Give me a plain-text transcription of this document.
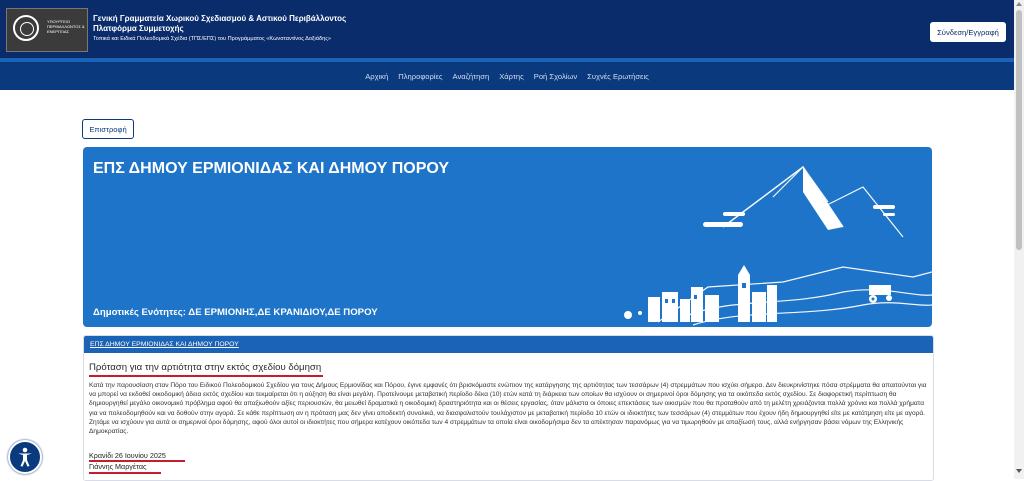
ΥΠΟΥΡΓΕΙΟ ΠΕΡΙΒΑΛΛΟΝΤΟΣ & ΕΝΕΡΓΕΙΑΣ
Γενική Γραμματεία Χωρικού Σχεδιασμού & Αστικού Περιβάλλοντος
Πλατφόρμα Συμμετοχής
Τοπικά και Ειδικά Πολεοδομικά Σχέδια (ΤΠΣ/ΕΠΣ) του Προγράμματος «Κωνσταντίνος Δοξιάδης»
Σύνδεση/Εγγραφή
Αρχική Πληροφορίες Αναζήτηση Χάρτης Ροή Σχολίων Συχνές Ερωτήσεις
Επιστροφή
ΕΠΣ ΔΗΜΟΥ ΕΡΜΙΟΝΙΔΑΣ ΚΑΙ ΔΗΜΟΥ ΠΟΡΟΥ
Δημοτικές Ενότητες: ΔΕ ΕΡΜΙΟΝΗΣ,ΔΕ ΚΡΑΝΙΔΙΟΥ,ΔΕ ΠΟΡΟΥ
ΕΠΣ ΔΗΜΟΥ ΕΡΜΙΟΝΙΔΑΣ ΚΑΙ ΔΗΜΟΥ ΠΟΡΟΥ
Πρόταση για την αρτιότητα στην εκτός σχεδίου δόμηση
Κατά την παρουσίαση σταν Πόρο του Ειδικού Πολεοδομικού Σχεδίου για τους Δήμους Ερμιονίδας και Πόρου, έγινε εμφανές ότι βρισκόμαστε ενώπιον της κατάργησης της αρτιότητας των τεσσάρων (4) στρεμμάτων που ισχύει σήμερα. Δεν διευκρινίστηκε πόσα στρέμματα θα απαιτούνται για να μπορεί να εκδοθεί οικοδομική άδεια εκτός σχεδίου και τεκμαίρεται ότι η αύξηση θα είναι μεγάλη. Προτείνουμε μεταβατική περίοδο δέκα (10) ετών κατά τη διάρκεια των οποίων θα ισχύουν οι σημερινοί όροι δόμησης για τα οικόπεδα εκτός σχεδίου. Σε διαφορετική περίπτωση θα δημιουργηθεί μεγάλο οικονομικό πρόβλημα αφού θα απαξιωθούν αξίες περιουσιών, θα μειωθεί δραματικά η οικοδομική δραστηριότητα και οι θέσεις εργασίας, όταν μάλιστα οι όποιες επεκτάσεις των οικισμών που θα προταθούν από τη μελέτη χρειάζονται πολλά χρόνια και πολλά χρήματα για να πολεοδομηθούν και να δοθούν στην αγορά. Σε κάθε περίπτωση αν η πρόταση μας δεν γίνει αποδεκτή συνολικά, να διασφαλιστούν τουλάχιστον με μεταβατική περίοδο 10 ετών οι ιδιοκτήτες των τεσσάρων (4) στεμμάτων που έχουν ήδη δημιουργηθεί είτε με κατάτμηση είτε με αγορά. Ζητάμε να ισχύουν για αυτά οι σημερινοί όροι δόμησης, αφού όλοι αυτοί οι ιδιοκτήτες που σήμερα κατέχουν οικόπεδα των 4 στρεμμάτων τα οποία είναι οικοδομήσιμα δεν τα απέκτησαν παρανόμως για να τιμωρηθούν με απαξίωσή τους, αλλά ενήργησαν βάσει νόμων της Ελληνικής Δημοκρατίας.
Κρανίδι 26 Ιουνίου 2025
Γιάννης Μαργέτας
